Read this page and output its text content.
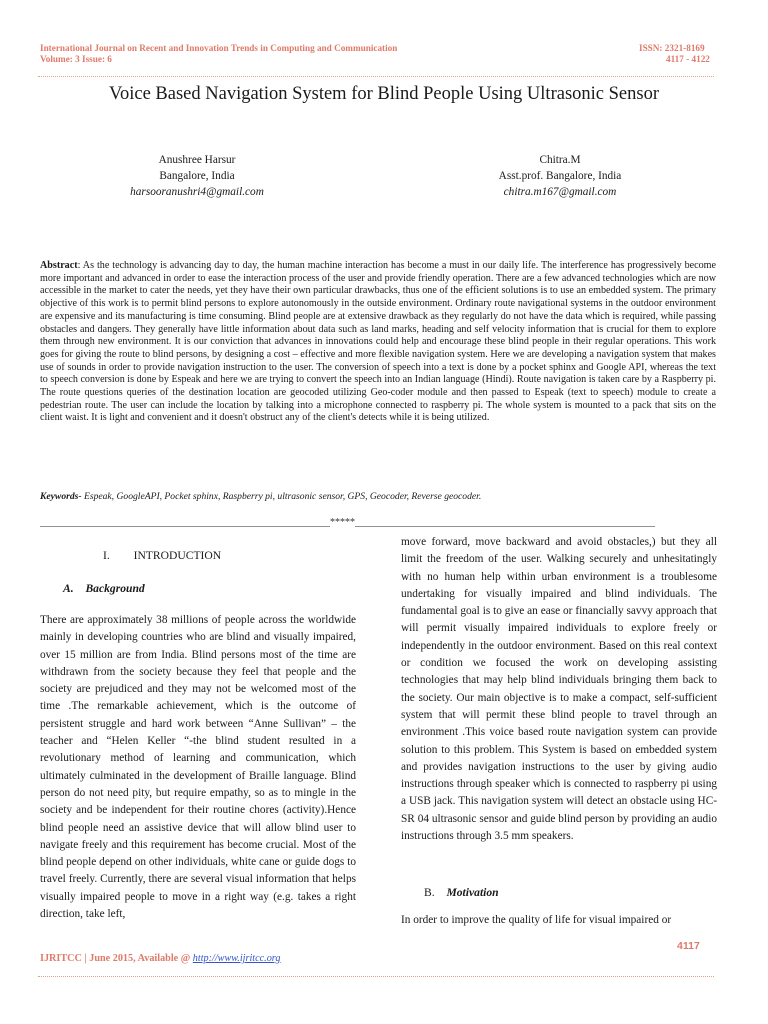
International Journal on Recent and Innovation Trends in Computing and Communication
Volume: 3 Issue: 6
ISSN: 2321-8169
4117 - 4122
Voice Based Navigation System for Blind People Using Ultrasonic Sensor
Anushree Harsur
Bangalore, India
harsooranushri4@gmail.com
Chitra.M
Asst.prof. Bangalore, India
chitra.m167@gmail.com
Abstract: As the technology is advancing day to day, the human machine interaction has become a must in our daily life. The interference has progressively become more important and advanced in order to ease the interaction process of the user and provide friendly operation. There are a few advanced technologies which are now accessible in the market to cater the needs, yet they have their own particular drawbacks, thus one of the efficient solutions is to use an embedded system. The primary objective of this work is to permit blind persons to explore autonomously in the outside environment. Ordinary route navigational systems in the outdoor environment are expensive and its manufacturing is time consuming. Blind people are at extensive drawback as they regularly do not have the data which is required, while passing obstacles and dangers. They generally have little information about data such as land marks, heading and self velocity information that is crucial for them to explore them through new environment. It is our conviction that advances in innovations could help and encourage these blind people in their regular operations. This work goes for giving the route to blind persons, by designing a cost – effective and more flexible navigation system. Here we are developing a navigation system that makes use of sounds in order to provide navigation instruction to the user. The conversion of speech into a text is done by a pocket sphinx and Google API, whereas the text to speech conversion is done by Espeak and here we are trying to convert the speech into an Indian language (Hindi). Route navigation is taken care by a Raspberry pi. The route questions queries of the destination location are geocoded utilizing Geo-coder module and then passed to Espeak (text to speech) module to create a pedestrian route. The user can include the location by talking into a microphone connected to raspberry pi. The whole system is mounted to a pack that sits on the client waist. It is light and convenient and it doesn't obstruct any of the client's detects while it is being utilized.
Keywords- Espeak, GoogleAPI, Pocket sphinx, Raspberry pi, ultrasonic sensor, GPS, Geocoder, Reverse geocoder.
__________________________________________________________*****____________________________________________________________
I. INTRODUCTION
A. Background

There are approximately 38 millions of people across the worldwide mainly in developing countries who are blind and visually impaired, over 15 million are from India. Blind persons most of the time are withdrawn from the society because they feel that people and the society are prejudiced and they may not be welcomed most of the time .The remarkable achievement, which is the outcome of persistent struggle and hard work between “Anne Sullivan” – the teacher and “Helen Keller “-the blind student resulted in a revolutionary method of learning and communication, which ultimately culminated in the development of Braille language. Blind person do not need pity, but require empathy, so as to mingle in the society and be independent for their routine chores (activity).Hence blind people need an assistive device that will allow blind user to navigate freely and this requirement has become crucial. Most of the blind people depend on other individuals, white cane or guide dogs to travel freely. Currently, there are several visual information that helps visually impaired people to move in a right way (e.g. takes a right direction, take left,

move forward, move backward and avoid obstacles,) but they all limit the freedom of the user. Walking securely and unhesitatingly with no human help within urban environment is a troublesome undertaking for visually impaired and blind individuals. The fundamental goal is to give an ease or financially savvy approach that will permit visually impaired individuals to explore freely or independently in the outdoor environment. Based on this real context or condition we focused the work on developing assisting technologies that may help blind individuals bringing them back to the society. Our main objective is to make a compact, self-sufficient system that will permit these blind people to travel through an environment .This voice based route navigation system can provide solution to this problem. This System is based on embedded system and provides navigation instructions to the user by giving audio instructions through speaker which is connected to raspberry pi using a USB jack. This navigation system will detect an obstacle using HC-SR 04 ultrasonic sensor and guide blind person by providing an audio instructions through 3.5 mm speakers.

B. Motivation

In order to improve the quality of life for visual impaired or

4117
IJRITCC | June 2015, Available @ http://www.ijritcc.org
